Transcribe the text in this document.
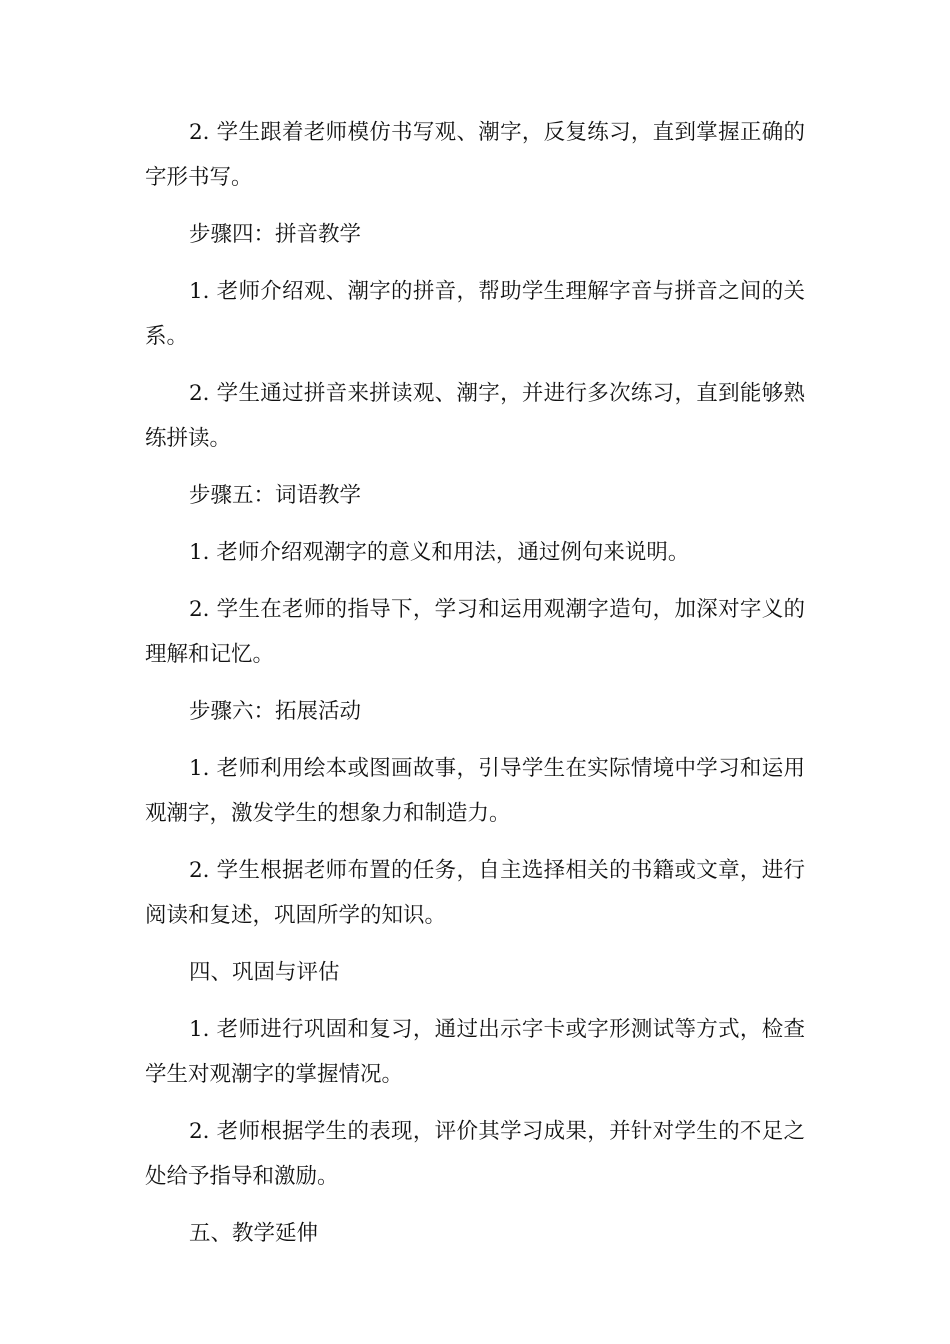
2. 学生跟着老师模仿书写观、潮字，反复练习，直到掌握正确的字形书写。

步骤四：拼音教学

1. 老师介绍观、潮字的拼音，帮助学生理解字音与拼音之间的关系。

2. 学生通过拼音来拼读观、潮字，并进行多次练习，直到能够熟练拼读。

步骤五：词语教学

1. 老师介绍观潮字的意义和用法，通过例句来说明。

2. 学生在老师的指导下，学习和运用观潮字造句，加深对字义的理解和记忆。

步骤六：拓展活动

1. 老师利用绘本或图画故事，引导学生在实际情境中学习和运用观潮字，激发学生的想象力和制造力。

2. 学生根据老师布置的任务，自主选择相关的书籍或文章，进行阅读和复述，巩固所学的知识。

四、巩固与评估

1. 老师进行巩固和复习，通过出示字卡或字形测试等方式，检查学生对观潮字的掌握情况。

2. 老师根据学生的表现，评价其学习成果，并针对学生的不足之处给予指导和激励。

五、教学延伸
